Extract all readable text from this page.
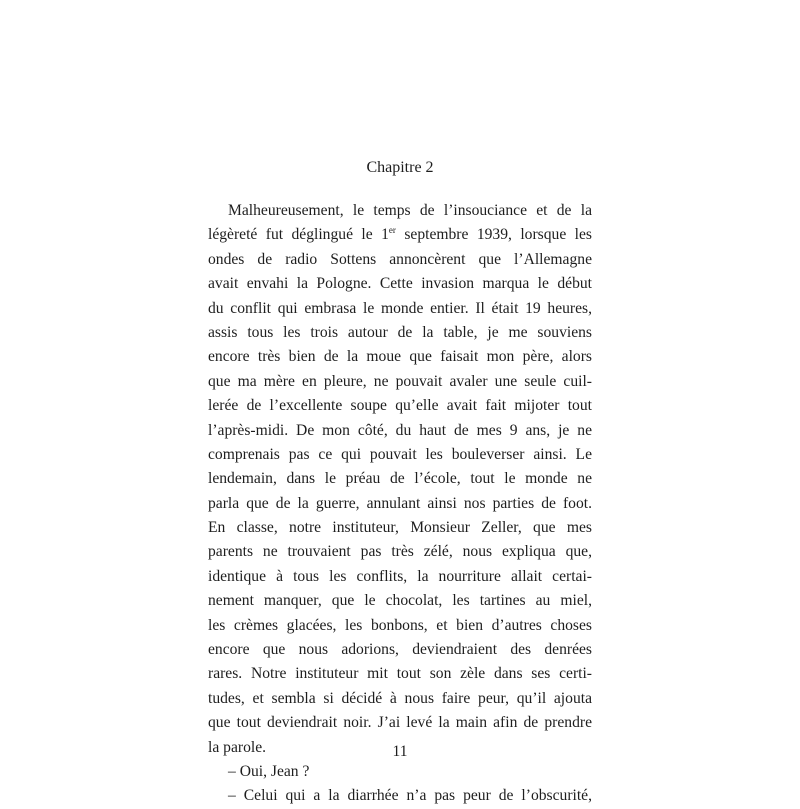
Chapitre 2
Malheureusement, le temps de l’insouciance et de la
légèreté fut déglingué le 1er septembre 1939, lorsque les
ondes de radio Sottens annoncèrent que l’Allemagne
avait envahi la Pologne. Cette invasion marqua le début
du conflit qui embrasa le monde entier. Il était 19 heures,
assis tous les trois autour de la table, je me souviens
encore très bien de la moue que faisait mon père, alors
que ma mère en pleure, ne pouvait avaler une seule cuil-
lerée de l’excellente soupe qu’elle avait fait mijoter tout
l’après-midi. De mon côté, du haut de mes 9 ans, je ne
comprenais pas ce qui pouvait les bouleverser ainsi. Le
lendemain, dans le préau de l’école, tout le monde ne
parla que de la guerre, annulant ainsi nos parties de foot.
En classe, notre instituteur, Monsieur Zeller, que mes
parents ne trouvaient pas très zélé, nous expliqua que,
identique à tous les conflits, la nourriture allait certai-
nement manquer, que le chocolat, les tartines au miel,
les crèmes glacées, les bonbons, et bien d’autres choses
encore que nous adorions, deviendraient des denrées
rares. Notre instituteur mit tout son zèle dans ses certi-
tudes, et sembla si décidé à nous faire peur, qu’il ajouta
que tout deviendrait noir. J’ai levé la main afin de prendre
la parole.
– Oui, Jean ?
– Celui qui a la diarrhée n’a pas peur de l’obscurité,
11
